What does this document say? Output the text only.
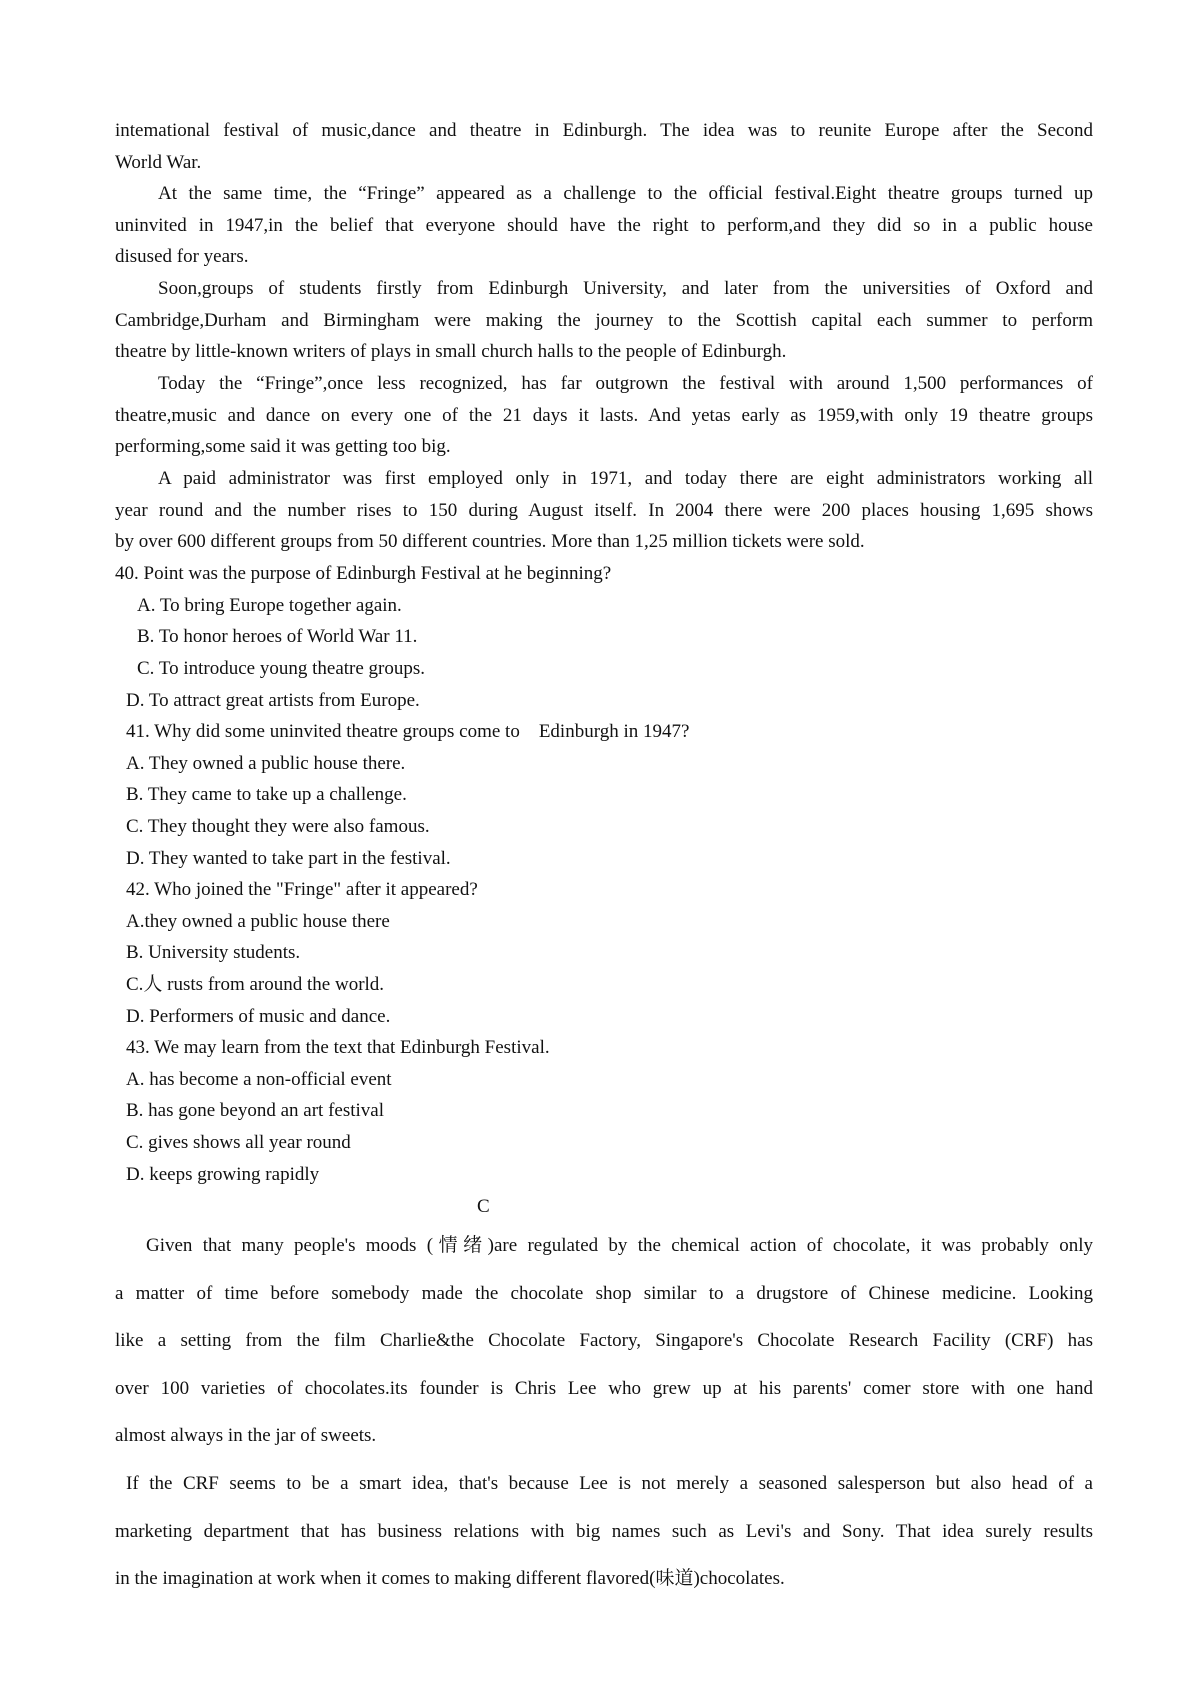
intemational festival of music,dance and theatre in Edinburgh. The idea was to reunite Europe after the Second
World War.
At the same time, the “Fringe” appeared as a challenge to the official festival.Eight theatre groups turned up
uninvited in 1947,in the belief that everyone should have the right to perform,and they did so in a public house
disused for years.
Soon,groups of students firstly from Edinburgh University, and later from the universities of Oxford and
Cambridge,Durham and Birmingham were making the journey to the Scottish capital each summer to perform
theatre by little-known writers of plays in small church halls to the people of Edinburgh.
Today the “Fringe”,once less recognized, has far outgrown the festival with around 1,500 performances of
theatre,music and dance on every one of the 21 days it lasts. And yetas early as 1959,with only 19 theatre groups
performing,some said it was getting too big.
A paid administrator was first employed only in 1971, and today there are eight administrators working all
year round and the number rises to 150 during August itself. In 2004 there were 200 places housing 1,695 shows
by over 600 different groups from 50 different countries. More than 1,25 million tickets were sold.
40. Point was the purpose of Edinburgh Festival at he beginning?
A. To bring Europe together again.
B. To honor heroes of World War 11.
C. To introduce young theatre groups.
D. To attract great artists from Europe.
41. Why did some uninvited theatre groups come to    Edinburgh in 1947?
A. They owned a public house there.
B. They came to take up a challenge.
C. They thought they were also famous.
D. They wanted to take part in the festival.
42. Who joined the "Fringe" after it appeared?
A.they owned a public house there
B. University students.
C.人 rusts from around the world.
D. Performers of music and dance.
43. We may learn from the text that Edinburgh Festival.
A. has become a non-official event
B. has gone beyond an art festival
C. gives shows all year round
D. keeps growing rapidly
C
Given that many people's moods (情绪)are regulated by the chemical action of chocolate, it was probably only
a matter of time before somebody made the chocolate shop similar to a drugstore of Chinese medicine. Looking
like a setting from the film Charlie&the Chocolate Factory, Singapore's Chocolate Research Facility (CRF) has
over 100 varieties of chocolates.its founder is Chris Lee who grew up at his parents' comer store with one hand
almost always in the jar of sweets.
If the CRF seems to be a smart idea, that's because Lee is not merely a seasoned salesperson but also head of a
marketing department that has business relations with big names such as Levi's and Sony. That idea surely results
in the imagination at work when it comes to making different flavored(味道)chocolates.
